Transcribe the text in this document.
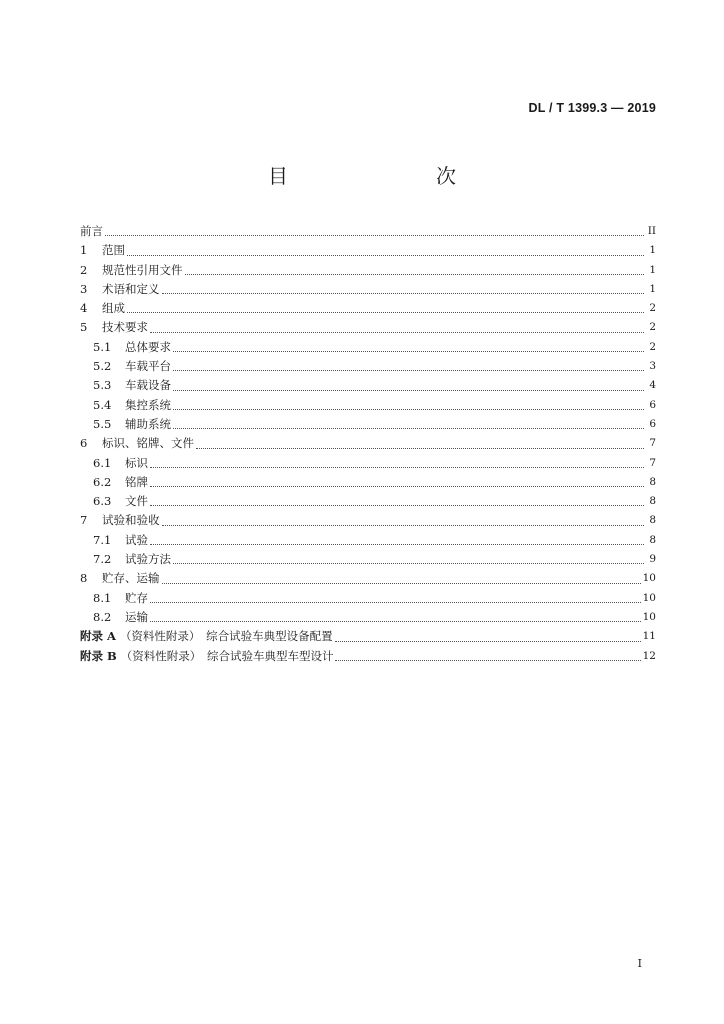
DL / T 1399.3 — 2019
目　　次
前言	II
1	范围	1
2	规范性引用文件	1
3	术语和定义	1
4	组成	2
5	技术要求	2
5.1	总体要求	2
5.2	车载平台	3
5.3	车载设备	4
5.4	集控系统	6
5.5	辅助系统	6
6	标识、铭牌、文件	7
6.1	标识	7
6.2	铭牌	8
6.3	文件	8
7	试验和验收	8
7.1	试验	8
7.2	试验方法	9
8	贮存、运输	10
8.1	贮存	10
8.2	运输	10
附录 A （资料性附录）　综合试验车典型设备配置	11
附录 B （资料性附录）　综合试验车典型车型设计	12
I
